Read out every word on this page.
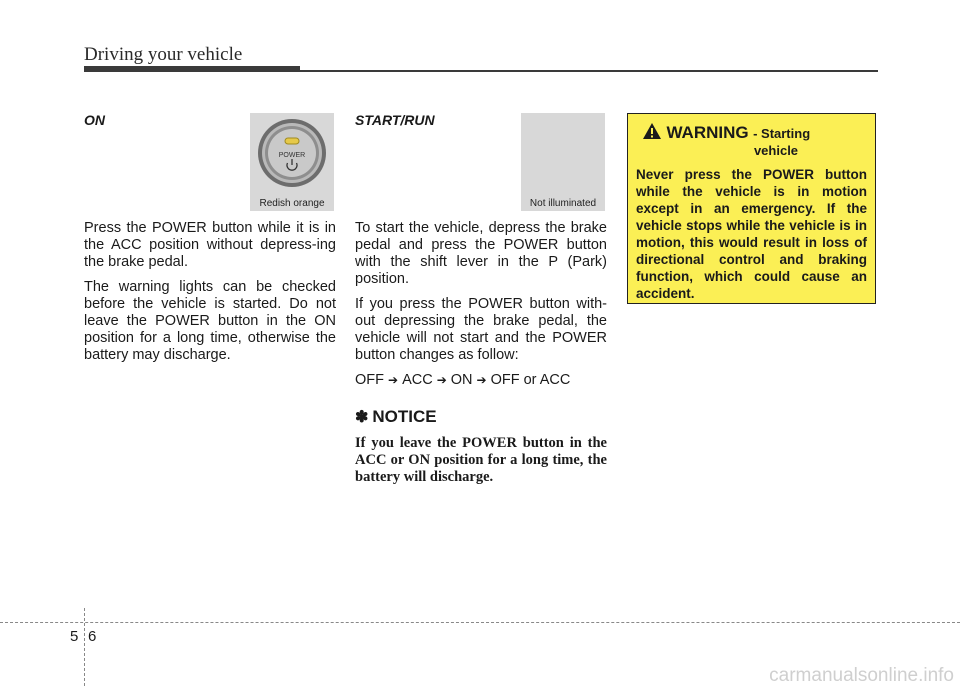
Driving your vehicle
ON

Press the POWER button while it is in the ACC position without depress-ing the brake pedal.

The warning lights can be checked before the vehicle is started. Do not leave the POWER button in the ON position for a long time, otherwise the battery may discharge.

POWER
Redish orange
START/RUN

To start the vehicle, depress the brake pedal and press the POWER button with the shift lever in the P (Park) position.

If you press the POWER button with-out depressing the brake pedal, the vehicle will not start and the POWER button changes as follow:

OFF ➔ ACC ➔ ON ➔ OFF or ACC

✽ NOTICE

If you leave the POWER button in the ACC or ON position for a long time, the battery will discharge.

Not illuminated
WARNING - Starting
vehicle

Never press the POWER button while the vehicle is in motion except in an emergency. If the vehicle stops while the vehicle is in motion, this would result in loss of directional control and braking function, which could cause an accident.

5 6
carmanualsonline.info
